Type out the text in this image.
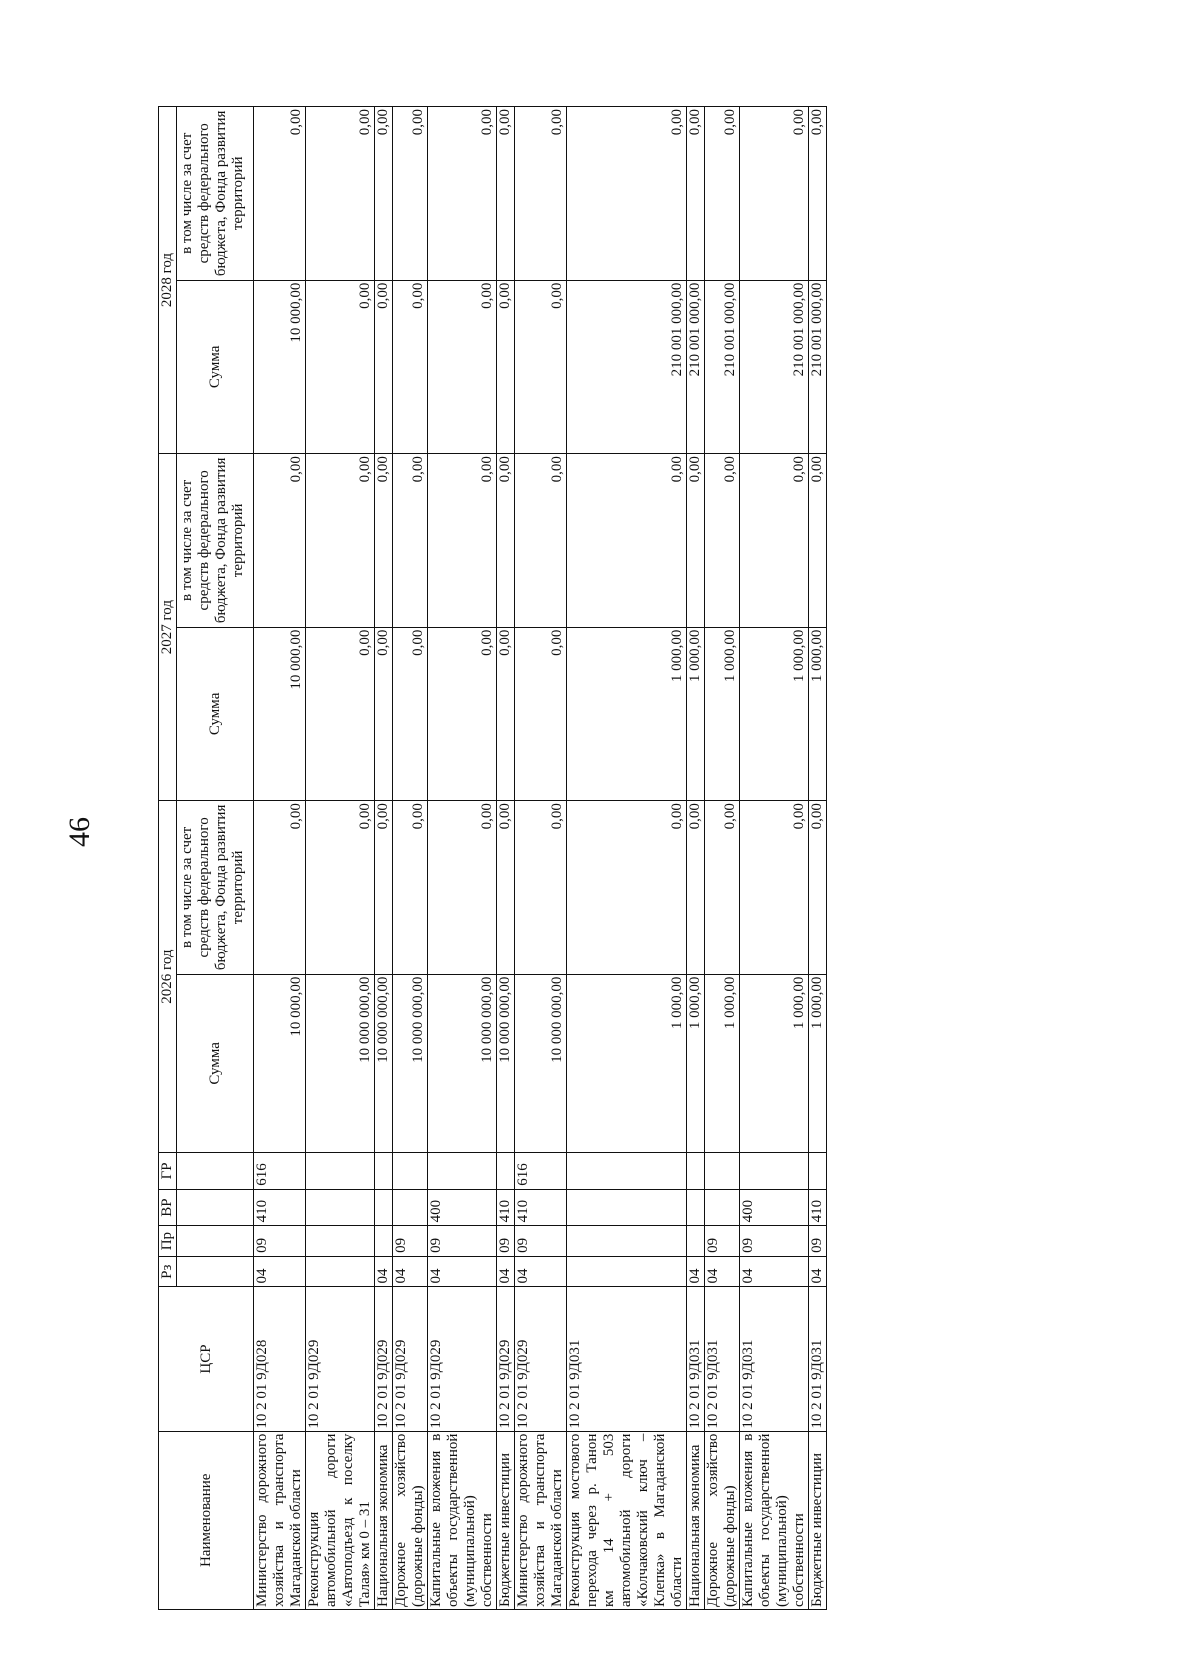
46
Наименование	ЦСР	Рз	Пр	ВР	ГР	2026 год		2027 год		2028 год	
						Сумма	в том числе за счет средств федерального бюджета, Фонда развития территорий	Сумма	в том числе за счет средств федерального бюджета, Фонда развития территорий	Сумма	в том числе за счет средств федерального бюджета, Фонда развития территорий
Министерство дорожного хозяйства и транспорта Магаданской области	10 2 01 9Д028	04	09	410	616	10 000,00	0,00	10 000,00	0,00	10 000,00	0,00
Реконструкция автомобильной дороги «Автоподъезд к поселку Талая» км 0 – 31	10 2 01 9Д029					10 000 000,00	0,00	0,00	0,00	0,00	0,00
Национальная экономика	10 2 01 9Д029	04				10 000 000,00	0,00	0,00	0,00	0,00	0,00
Дорожное хозяйство (дорожные фонды)	10 2 01 9Д029	04	09			10 000 000,00	0,00	0,00	0,00	0,00	0,00
Капитальные вложения в объекты государственной (муниципальной) собственности	10 2 01 9Д029	04	09	400		10 000 000,00	0,00	0,00	0,00	0,00	0,00
Бюджетные инвестиции	10 2 01 9Д029	04	09	410		10 000 000,00	0,00	0,00	0,00	0,00	0,00
Министерство дорожного хозяйства и транспорта Магаданской области	10 2 01 9Д029	04	09	410	616	10 000 000,00	0,00	0,00	0,00	0,00	0,00
Реконструкция мостового перехода через р. Танон км 14 + 503 автомобильной дороги «Колчаковский ключ – Клепка» в Магаданской области	10 2 01 9Д031					1 000,00	0,00	1 000,00	0,00	210 001 000,00	0,00
Национальная экономика	10 2 01 9Д031	04				1 000,00	0,00	1 000,00	0,00	210 001 000,00	0,00
Дорожное хозяйство (дорожные фонды)	10 2 01 9Д031	04	09			1 000,00	0,00	1 000,00	0,00	210 001 000,00	0,00
Капитальные вложения в объекты государственной (муниципальной) собственности	10 2 01 9Д031	04	09	400		1 000,00	0,00	1 000,00	0,00	210 001 000,00	0,00
Бюджетные инвестиции	10 2 01 9Д031	04	09	410		1 000,00	0,00	1 000,00	0,00	210 001 000,00	0,00
